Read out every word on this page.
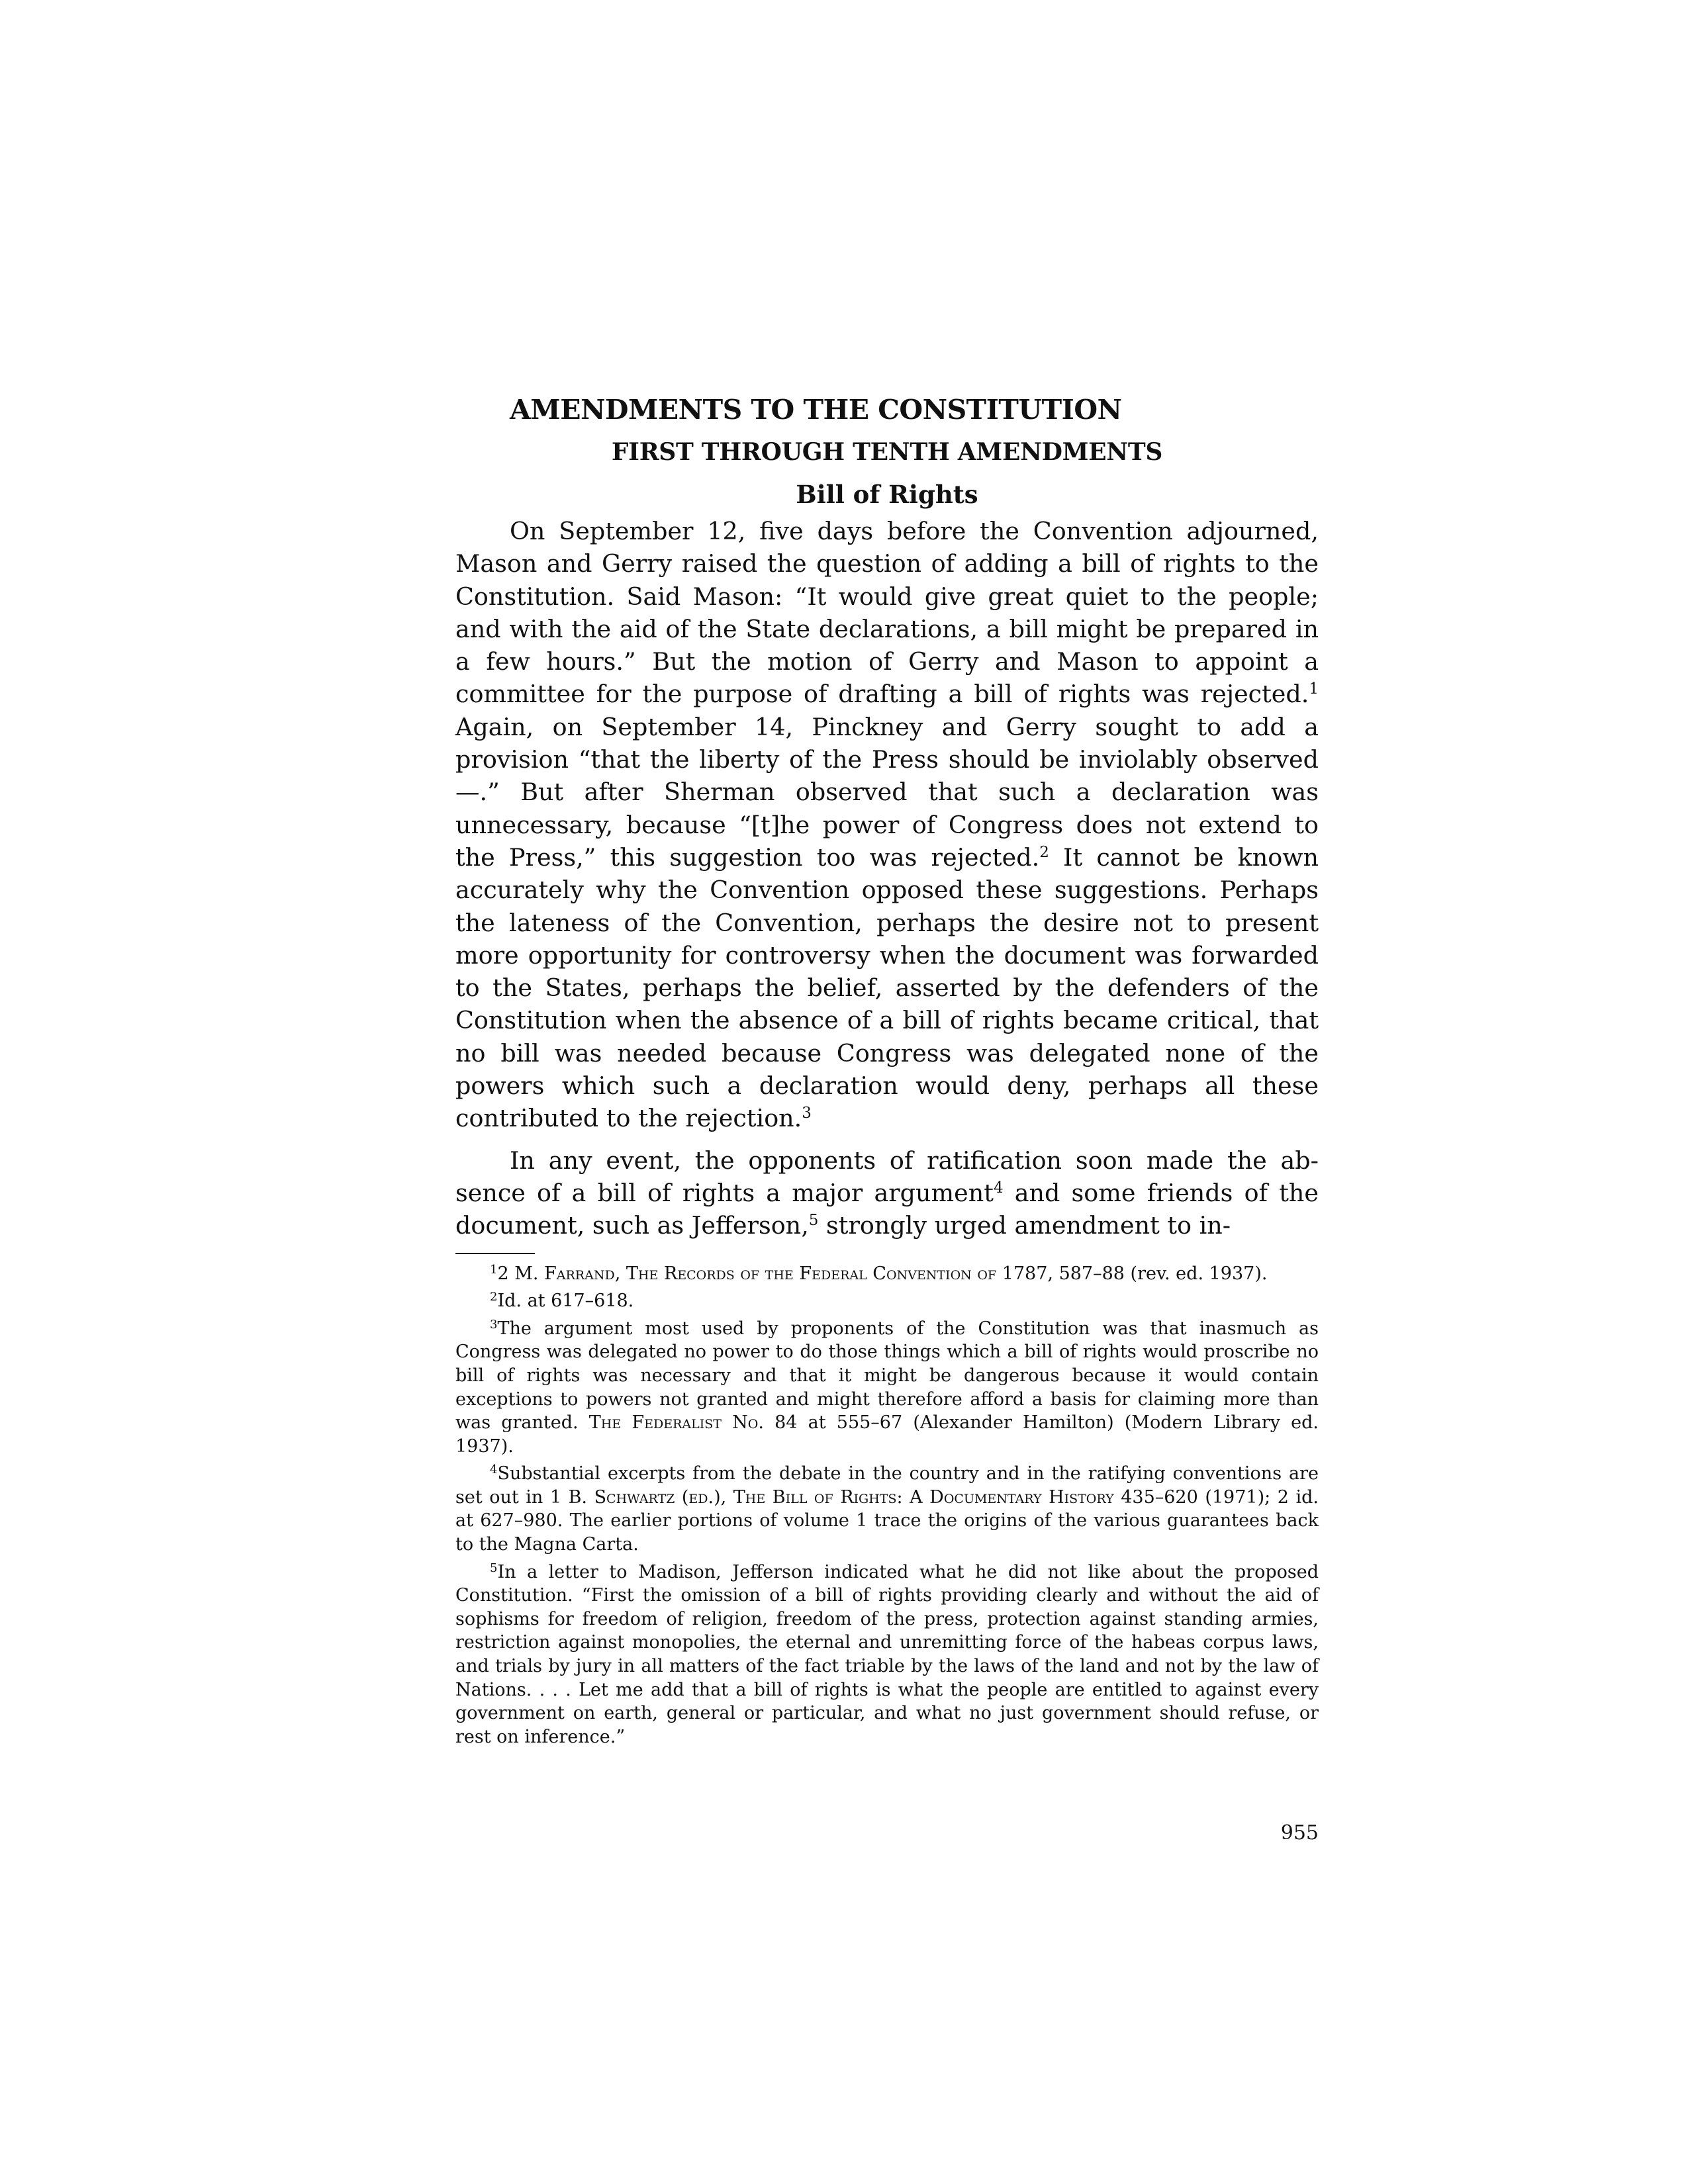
AMENDMENTS TO THE CONSTITUTION
FIRST THROUGH TENTH AMENDMENTS
Bill of Rights

On September 12, five days before the Convention adjourned, Mason and Gerry raised the question of adding a bill of rights to the Constitution. Said Mason: “It would give great quiet to the people; and with the aid of the State declarations, a bill might be prepared in a few hours.” But the motion of Gerry and Mason to appoint a committee for the purpose of drafting a bill of rights was rejected.$^1$ Again, on September 14, Pinckney and Gerry sought to add a provision “that the liberty of the Press should be inviolably observed—.” But after Sherman observed that such a declaration was unnecessary, because “[t]he power of Congress does not extend to the Press,” this suggestion too was rejected.$^2$ It cannot be known accurately why the Convention opposed these suggestions. Perhaps the lateness of the Convention, perhaps the desire not to present more opportunity for controversy when the document was forwarded to the States, perhaps the belief, asserted by the defenders of the Constitution when the absence of a bill of rights became critical, that no bill was needed because Congress was delegated none of the powers which such a declaration would deny, perhaps all these contributed to the rejection.$^3$

In any event, the opponents of ratification soon made the absence of a bill of rights a major argument$^4$ and some friends of the document, such as Jefferson,$^5$ strongly urged amendment to in-

$^1$2 M. Farrand, The Records of the Federal Convention of 1787, 587–88 (rev. ed. 1937).

$^2$Id. at 617–618.

$^3$The argument most used by proponents of the Constitution was that inasmuch as Congress was delegated no power to do those things which a bill of rights would proscribe no bill of rights was necessary and that it might be dangerous because it would contain exceptions to powers not granted and might therefore afford a basis for claiming more than was granted. The Federalist No. 84 at 555–67 (Alexander Hamilton) (Modern Library ed. 1937).

$^4$Substantial excerpts from the debate in the country and in the ratifying conventions are set out in 1 B. Schwartz (ed.), The Bill of Rights: A Documentary History 435–620 (1971); 2 id. at 627–980. The earlier portions of volume 1 trace the origins of the various guarantees back to the Magna Carta.

$^5$In a letter to Madison, Jefferson indicated what he did not like about the proposed Constitution. “First the omission of a bill of rights providing clearly and without the aid of sophisms for freedom of religion, freedom of the press, protection against standing armies, restriction against monopolies, the eternal and unremitting force of the habeas corpus laws, and trials by jury in all matters of the fact triable by the laws of the land and not by the law of Nations. . . . Let me add that a bill of rights is what the people are entitled to against every government on earth, general or particular, and what no just government should refuse, or rest on inference.”

955
